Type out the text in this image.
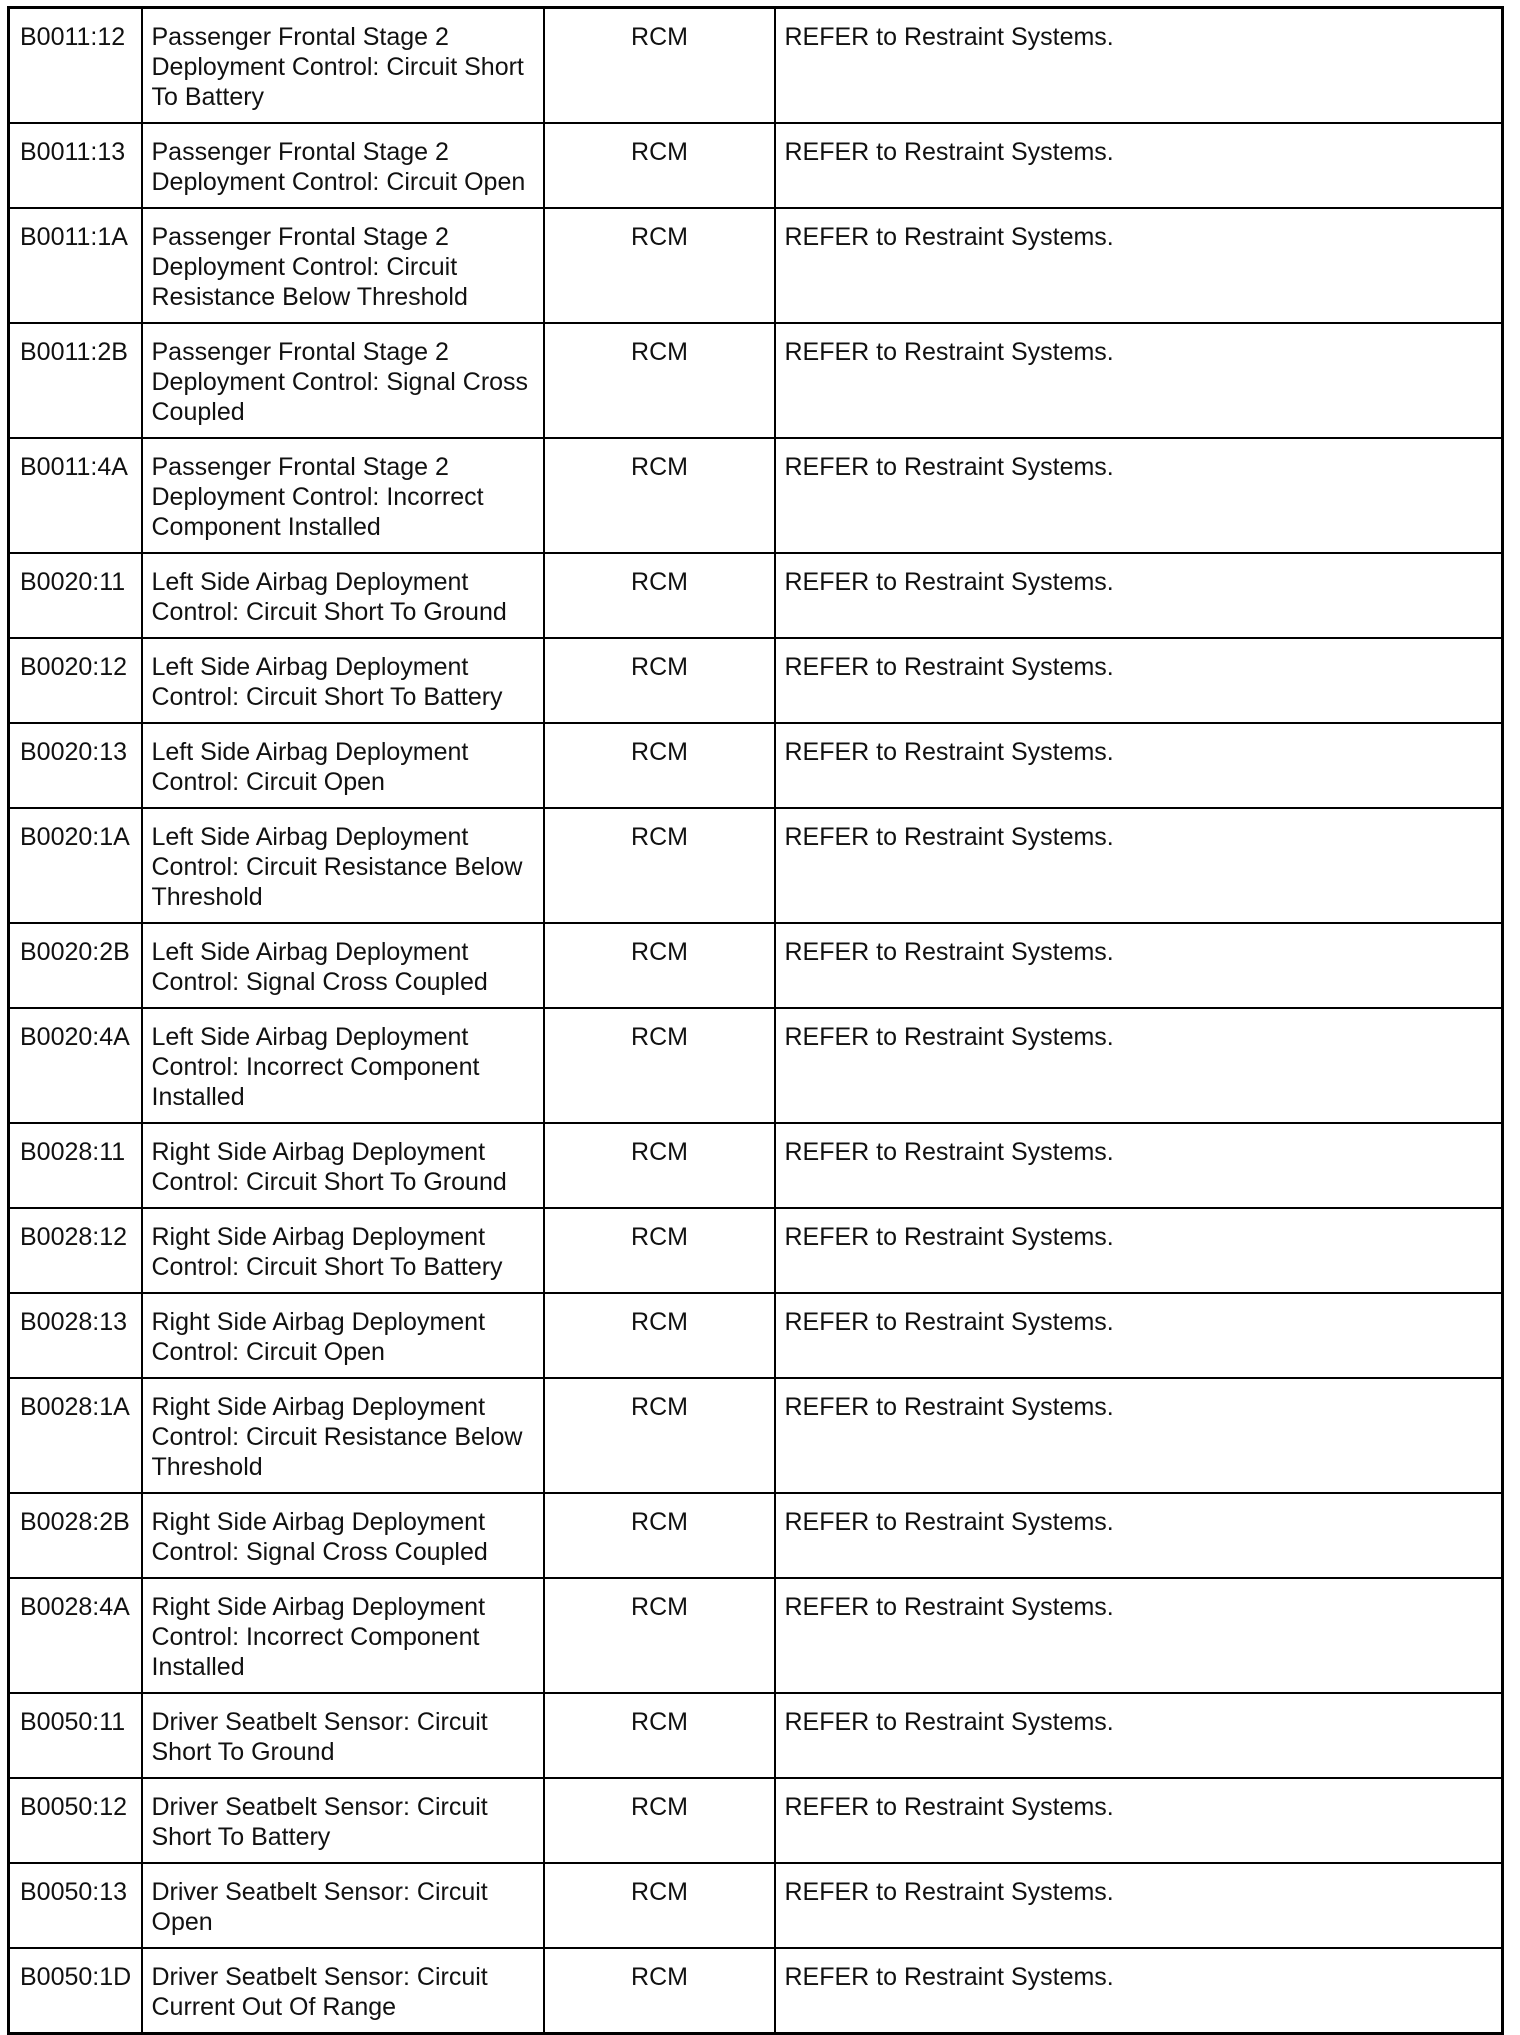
B0011:12	Passenger Frontal Stage 2 Deployment Control: Circuit Short To Battery	RCM	REFER to Restraint Systems.
B0011:13	Passenger Frontal Stage 2 Deployment Control: Circuit Open	RCM	REFER to Restraint Systems.
B0011:1A	Passenger Frontal Stage 2 Deployment Control: Circuit Resistance Below Threshold	RCM	REFER to Restraint Systems.
B0011:2B	Passenger Frontal Stage 2 Deployment Control: Signal Cross Coupled	RCM	REFER to Restraint Systems.
B0011:4A	Passenger Frontal Stage 2 Deployment Control: Incorrect Component Installed	RCM	REFER to Restraint Systems.
B0020:11	Left Side Airbag Deployment Control: Circuit Short To Ground	RCM	REFER to Restraint Systems.
B0020:12	Left Side Airbag Deployment Control: Circuit Short To Battery	RCM	REFER to Restraint Systems.
B0020:13	Left Side Airbag Deployment Control: Circuit Open	RCM	REFER to Restraint Systems.
B0020:1A	Left Side Airbag Deployment Control: Circuit Resistance Below Threshold	RCM	REFER to Restraint Systems.
B0020:2B	Left Side Airbag Deployment Control: Signal Cross Coupled	RCM	REFER to Restraint Systems.
B0020:4A	Left Side Airbag Deployment Control: Incorrect Component Installed	RCM	REFER to Restraint Systems.
B0028:11	Right Side Airbag Deployment Control: Circuit Short To Ground	RCM	REFER to Restraint Systems.
B0028:12	Right Side Airbag Deployment Control: Circuit Short To Battery	RCM	REFER to Restraint Systems.
B0028:13	Right Side Airbag Deployment Control: Circuit Open	RCM	REFER to Restraint Systems.
B0028:1A	Right Side Airbag Deployment Control: Circuit Resistance Below Threshold	RCM	REFER to Restraint Systems.
B0028:2B	Right Side Airbag Deployment Control: Signal Cross Coupled	RCM	REFER to Restraint Systems.
B0028:4A	Right Side Airbag Deployment Control: Incorrect Component Installed	RCM	REFER to Restraint Systems.
B0050:11	Driver Seatbelt Sensor: Circuit Short To Ground	RCM	REFER to Restraint Systems.
B0050:12	Driver Seatbelt Sensor: Circuit Short To Battery	RCM	REFER to Restraint Systems.
B0050:13	Driver Seatbelt Sensor: Circuit Open	RCM	REFER to Restraint Systems.
B0050:1D	Driver Seatbelt Sensor: Circuit Current Out Of Range	RCM	REFER to Restraint Systems.
